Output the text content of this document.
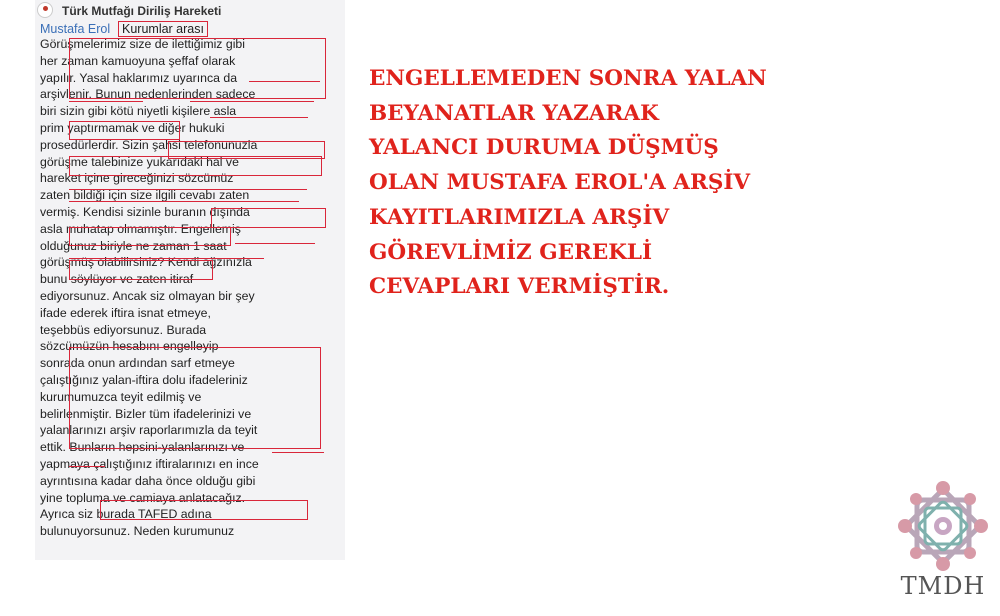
Türk Mutfağı Diriliş Hareketi
Mustafa Erol Kurumlar arası
Görüşmelerimiz size de ilettiğimiz gibi
her zaman kamuoyuna şeffaf olarak
yapılır. Yasal haklarımız uyarınca da
arşivlenir. Bunun nedenlerinden sadece
biri sizin gibi kötü niyetli kişilere asla
prim yaptırmamak ve diğer hukuki
prosedürlerdir. Sizin şahsi telefonunuzla
görüşme talebinize yukarıdaki hal ve
hareket içine gireceğinizi sözcümüz
zaten bildiği için size ilgili cevabı zaten
vermiş. Kendisi sizinle buranın dışında
asla muhatap olmamıştır. Engellemiş
olduğunuz biriyle ne zaman 1 saat
görüşmüş olabilirsiniz? Kendi ağzınızla
bunu söylüyor ve zaten itiraf
ediyorsunuz. Ancak siz olmayan bir şey
ifade ederek iftira isnat etmeye,
teşebbüs ediyorsunuz. Burada
sözcümüzün hesabını engelleyip
sonrada onun ardından sarf etmeye
çalıştığınız yalan-iftira dolu ifadeleriniz
kurumumuzca teyit edilmiş ve
belirlenmiştir. Bizler tüm ifadelerinizi ve
yalanlarınızı arşiv raporlarımızla da teyit
ettik. Bunların hepsini-yalanlarınızı ve
yapmaya çalıştığınız iftiralarınızı en ince
ayrıntısına kadar daha önce olduğu gibi
yine topluma ve camiaya anlatacağız.
Ayrıca siz burada TAFED adına
bulunuyorsunuz. Neden kurumunuz
ENGELLEMEDEN SONRA YALAN
BEYANATLAR YAZARAK
YALANCI DURUMA DÜŞMÜŞ
OLAN MUSTAFA EROL'A ARŞİV
KAYITLARIMIZLA ARŞİV
GÖREVLİMİZ GEREKLİ
CEVAPLARI VERMİŞTİR.
TMDH
